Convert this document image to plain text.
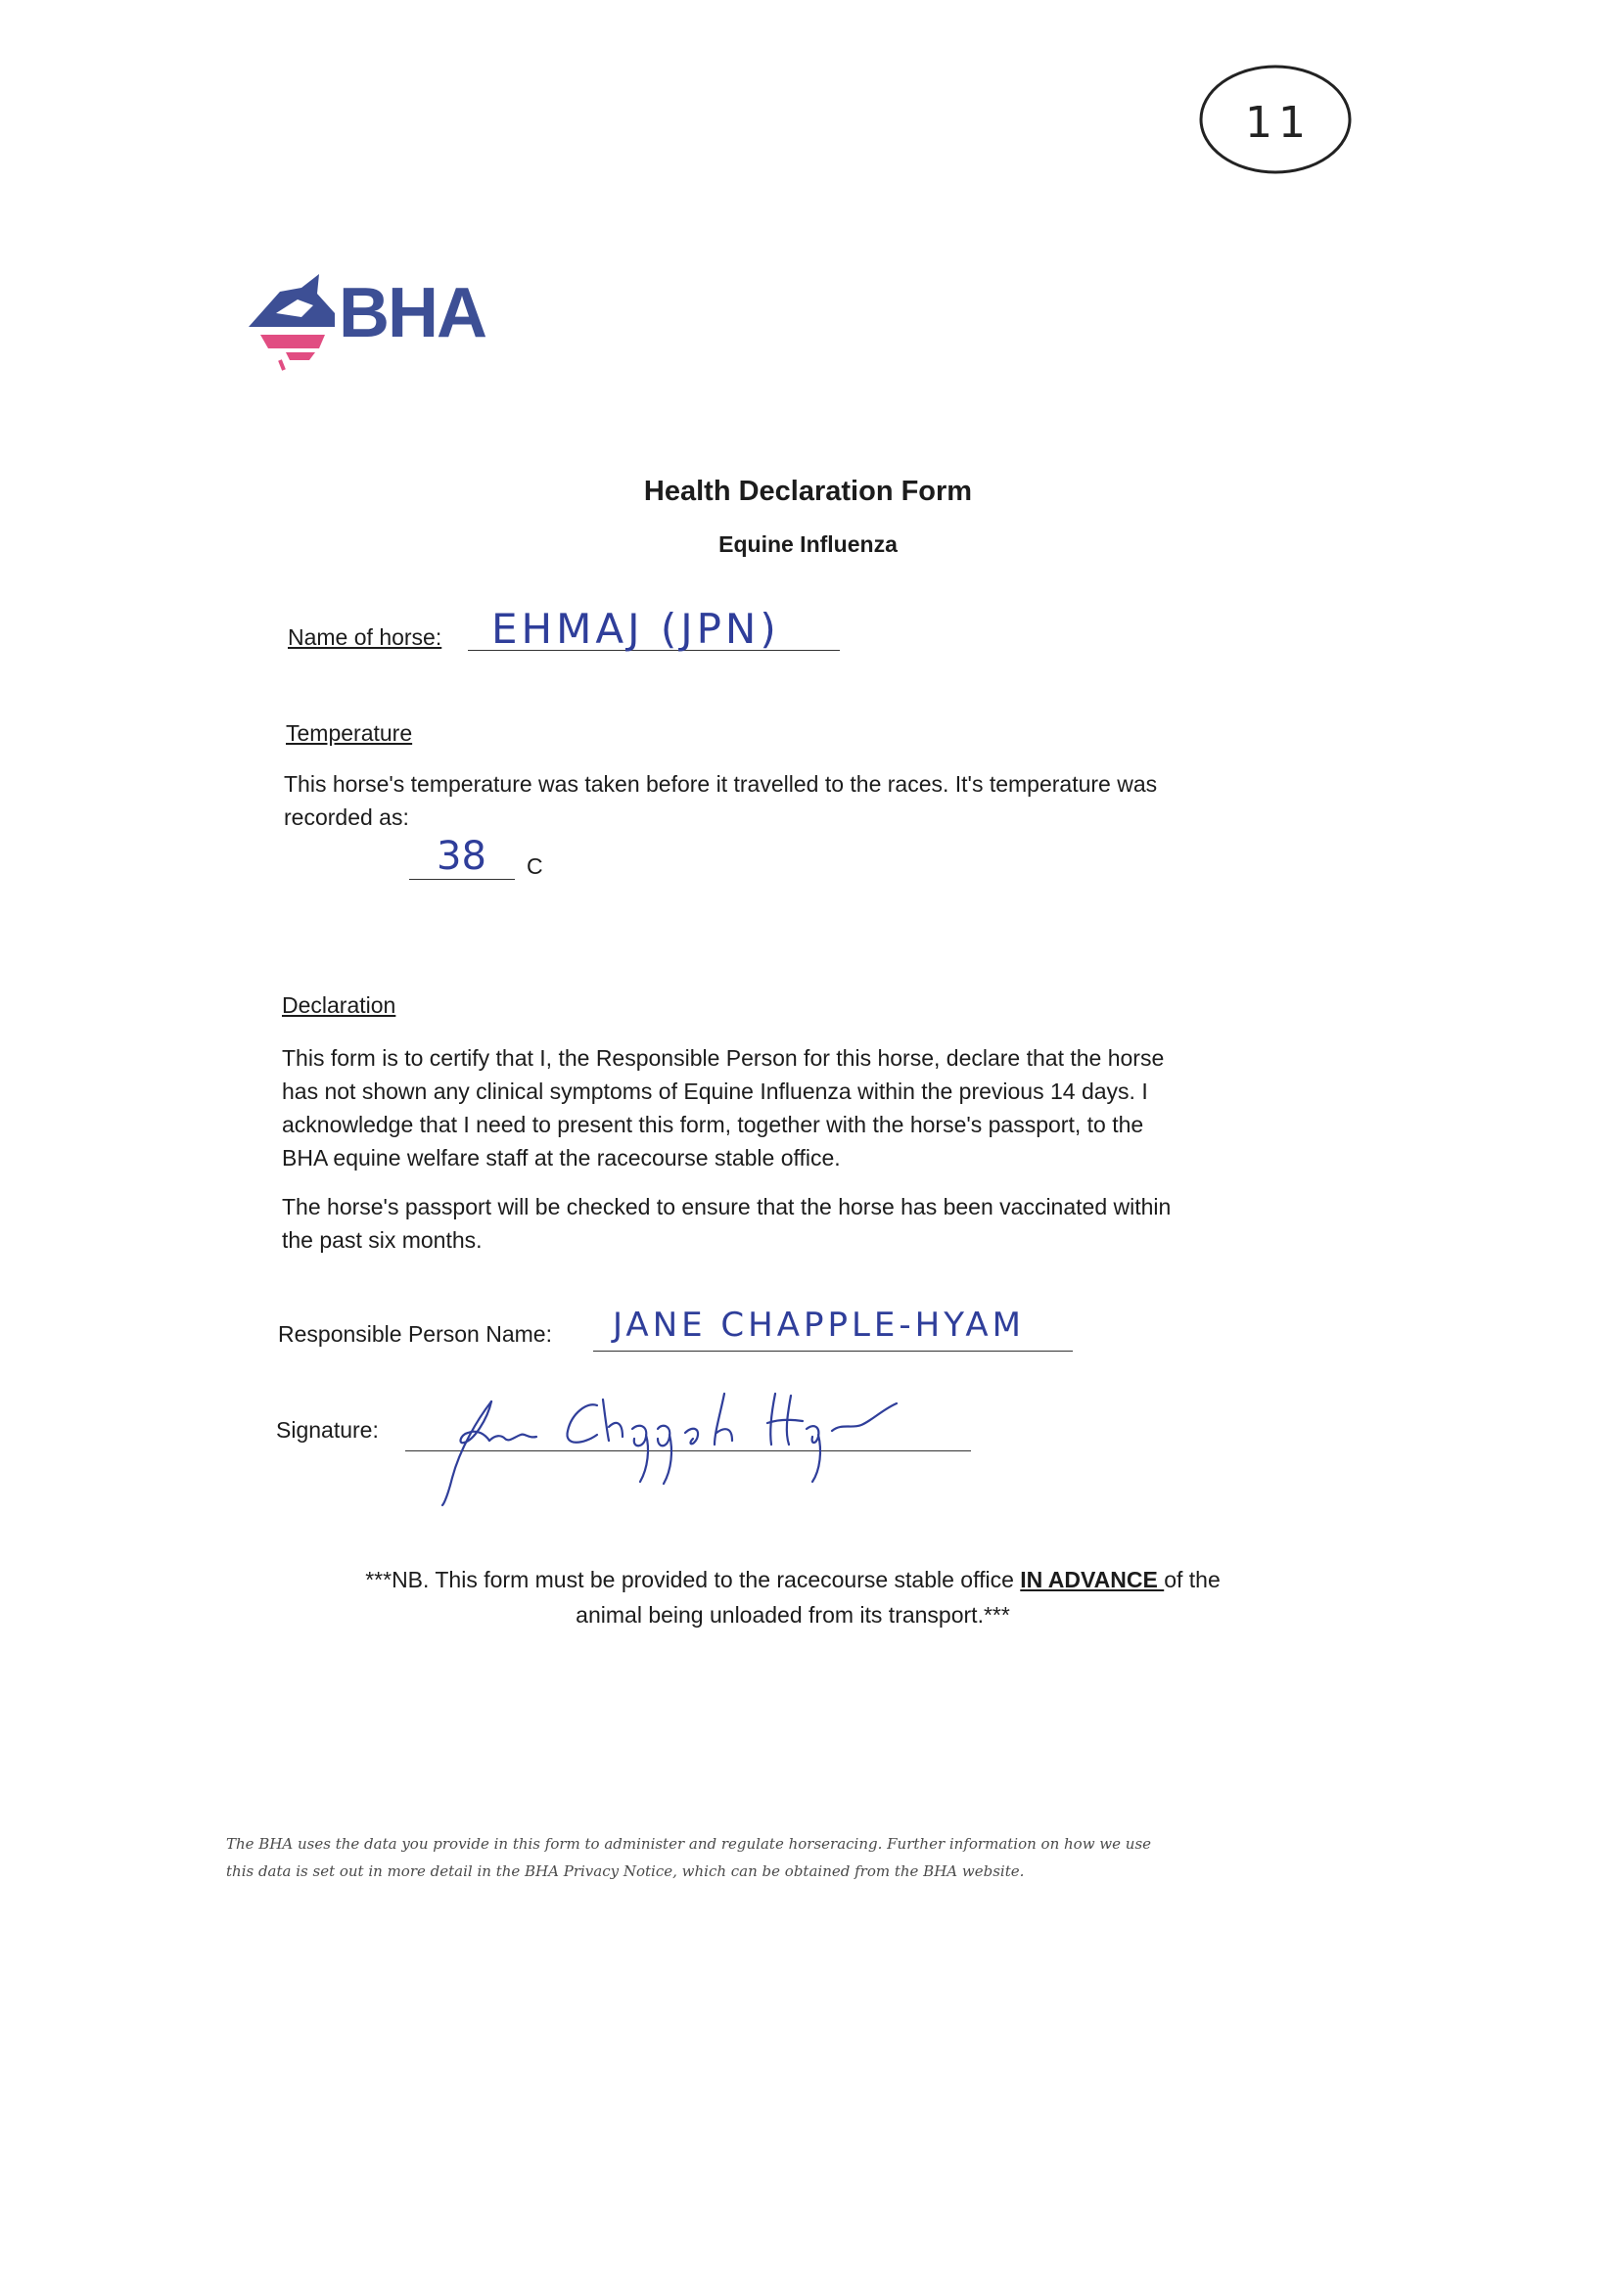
11
BHA
Health Declaration Form
Equine Influenza
Name of horse: EHMAJ (JPN)
Temperature
This horse's temperature was taken before it travelled to the races. It's temperature was
recorded as:
38 C
Declaration
This form is to certify that I, the Responsible Person for this horse, declare that the horse
has not shown any clinical symptoms of Equine Influenza within the previous 14 days. I
acknowledge that I need to present this form, together with the horse's passport, to the
BHA equine welfare staff at the racecourse stable office.
The horse's passport will be checked to ensure that the horse has been vaccinated within
the past six months.
Responsible Person Name: JANE CHAPPLE-HYAM
Signature:
***NB. This form must be provided to the racecourse stable office IN ADVANCE of the
animal being unloaded from its transport.***
The BHA uses the data you provide in this form to administer and regulate horseracing. Further information on how we use
this data is set out in more detail in the BHA Privacy Notice, which can be obtained from the BHA website.
